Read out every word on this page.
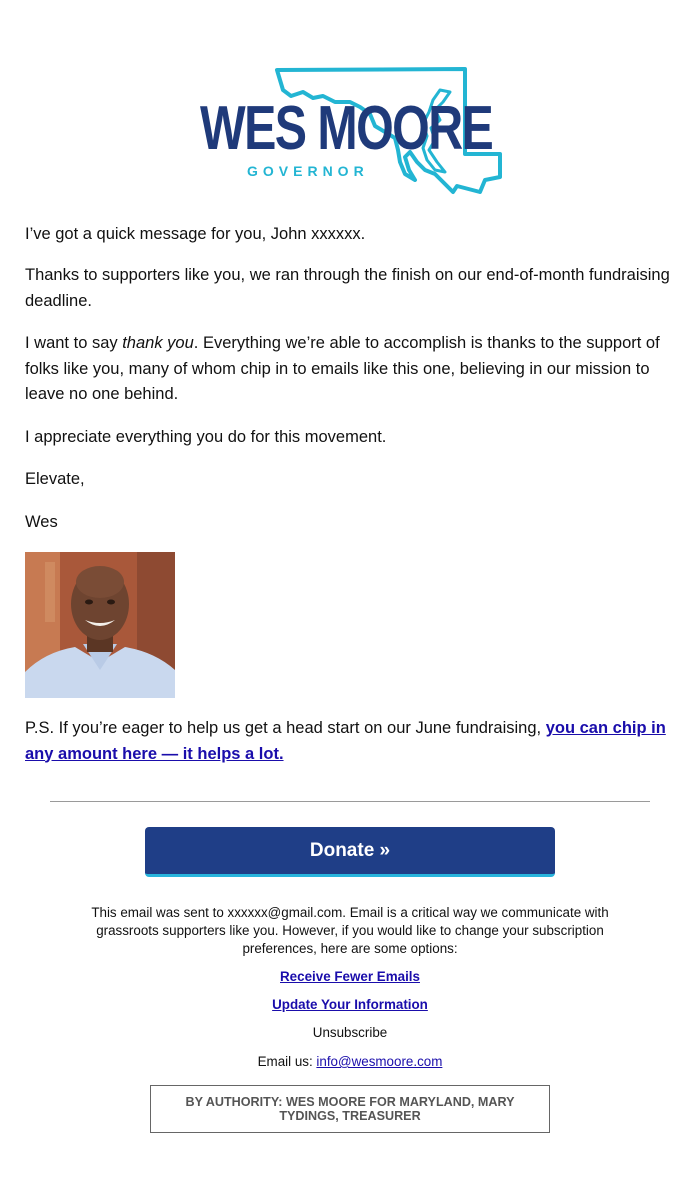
WES MOORE
GOVERNOR

I’ve got a quick message for you, John xxxxxx.

Thanks to supporters like you, we ran through the finish on our end-of-month fundraising deadline.

I want to say thank you. Everything we’re able to accomplish is thanks to the support of folks like you, many of whom chip in to emails like this one, believing in our mission to leave no one behind.

I appreciate everything you do for this movement.

Elevate,

Wes

P.S. If you’re eager to help us get a head start on our June fundraising, you can chip in any amount here — it helps a lot.

Donate »
This email was sent to xxxxxx@gmail.com. Email is a critical way we communicate with grassroots supporters like you. However, if you would like to change your subscription preferences, here are some options:
Receive Fewer Emails
Update Your Information
Unsubscribe
Email us: info@wesmoore.com
BY AUTHORITY: WES MOORE FOR MARYLAND, MARY TYDINGS, TREASURER
